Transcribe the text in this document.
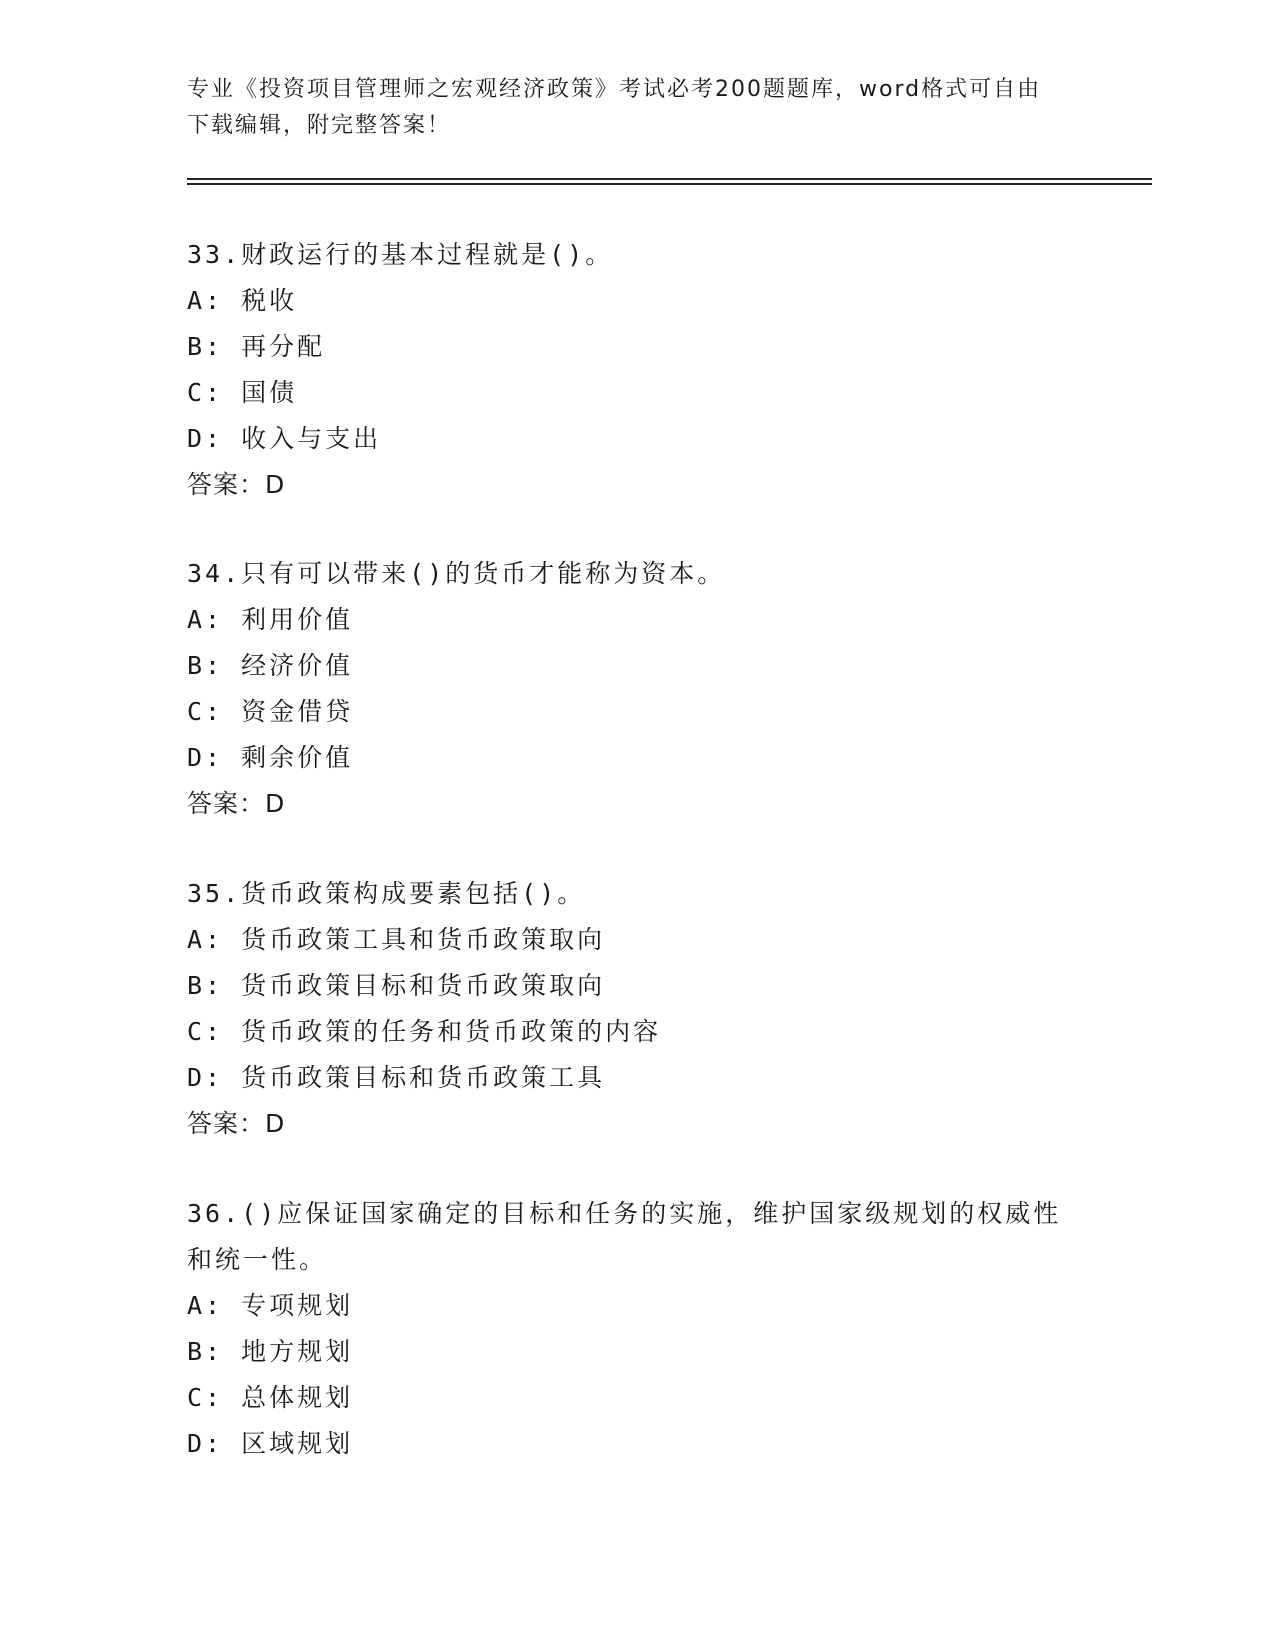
专业《投资项目管理师之宏观经济政策》考试必考200题题库，word格式可自由
下载编辑，附完整答案！
33.财政运行的基本过程就是()。
A: 税收
B: 再分配
C: 国债
D: 收入与支出
答案：D
34.只有可以带来()的货币才能称为资本。
A: 利用价值
B: 经济价值
C: 资金借贷
D: 剩余价值
答案：D
35.货币政策构成要素包括()。
A: 货币政策工具和货币政策取向
B: 货币政策目标和货币政策取向
C: 货币政策的任务和货币政策的内容
D: 货币政策目标和货币政策工具
答案：D
36.()应保证国家确定的目标和任务的实施，维护国家级规划的权威性
和统一性。
A: 专项规划
B: 地方规划
C: 总体规划
D: 区域规划
